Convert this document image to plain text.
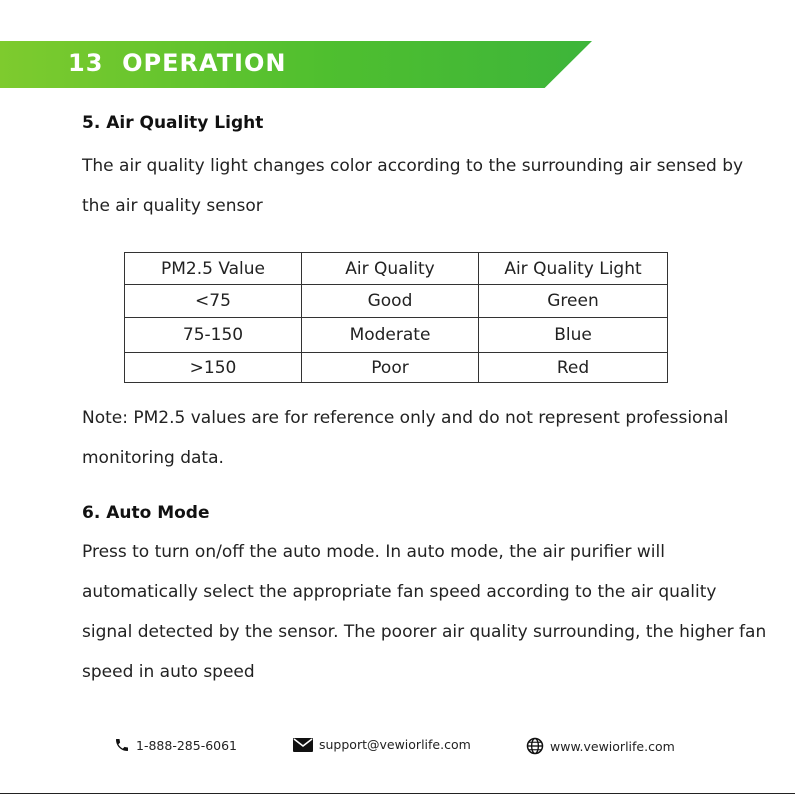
13  OPERATION
5. Air Quality Light
The air quality light changes color according to the surrounding air sensed by the air quality sensor
PM2.5 Value	Air Quality	Air Quality Light
<75	Good	Green
75-150	Moderate	Blue
>150	Poor	Red
Note: PM2.5 values are for reference only and do not represent professional monitoring data.
6. Auto Mode
Press to turn on/off the auto mode. In auto mode, the air purifier will automatically select the appropriate fan speed according to the air quality signal detected by the sensor. The poorer air quality surrounding, the higher fan speed in auto speed
1-888-285-6061	support@vewiorlife.com	www.vewiorlife.com
